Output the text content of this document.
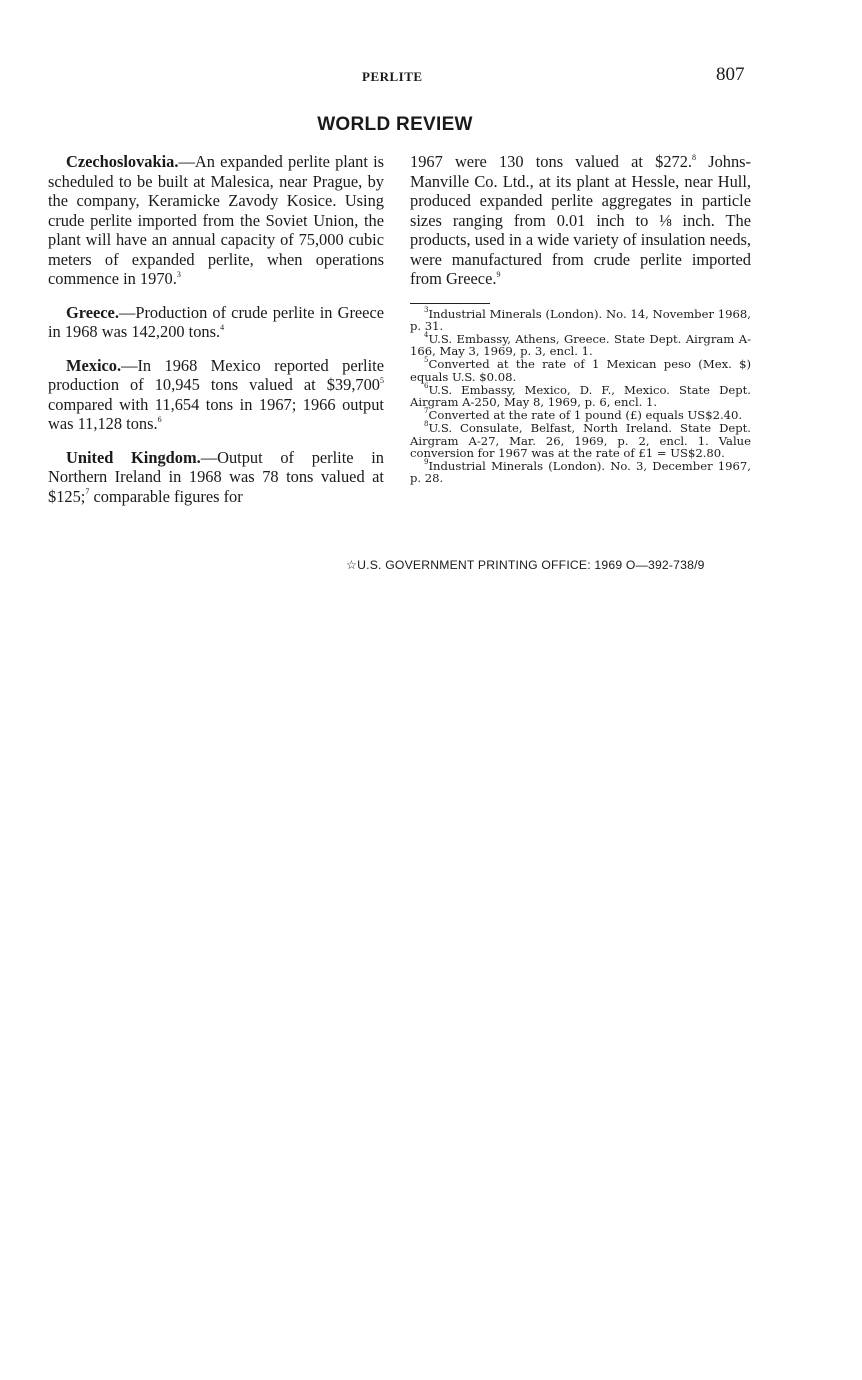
PERLITE	807
WORLD REVIEW

Czechoslovakia.—An expanded perlite plant is scheduled to be built at Malesica, near Prague, by the company, Keramicke Zavody Kosice. Using crude perlite imported from the Soviet Union, the plant will have an annual capacity of 75,000 cubic meters of expanded perlite, when operations commence in 1970.$^3$

Greece.—Production of crude perlite in Greece in 1968 was 142,200 tons.$^4$

Mexico.—In 1968 Mexico reported perlite production of 10,945 tons valued at $39,700$^5$ compared with 11,654 tons in 1967; 1966 output was 11,128 tons.$^6$

United Kingdom.—Output of perlite in Northern Ireland in 1968 was 78 tons valued at $125;$^7$ comparable figures for

1967 were 130 tons valued at $272.$^8$ Johns-Manville Co. Ltd., at its plant at Hessle, near Hull, produced expanded perlite aggregates in particle sizes ranging from 0.01 inch to ⅛ inch. The products, used in a wide variety of insulation needs, were manufactured from crude perlite imported from Greece.$^9$

$^3$Industrial Minerals (London). No. 14, November 1968, p. 31.

$^4$U.S. Embassy, Athens, Greece. State Dept. Airgram A-166, May 3, 1969, p. 3, encl. 1.

$^5$Converted at the rate of 1 Mexican peso (Mex. $) equals U.S. $0.08.

$^6$U.S. Embassy, Mexico, D. F., Mexico. State Dept. Airgram A-250, May 8, 1969, p. 6, encl. 1.

$^7$Converted at the rate of 1 pound (£) equals US$2.40.

$^8$U.S. Consulate, Belfast, North Ireland. State Dept. Airgram A-27, Mar. 26, 1969, p. 2, encl. 1. Value conversion for 1967 was at the rate of £1 = US$2.80.

$^9$Industrial Minerals (London). No. 3, December 1967, p. 28.

☆U.S. GOVERNMENT PRINTING OFFICE: 1969 O—392-738/9
